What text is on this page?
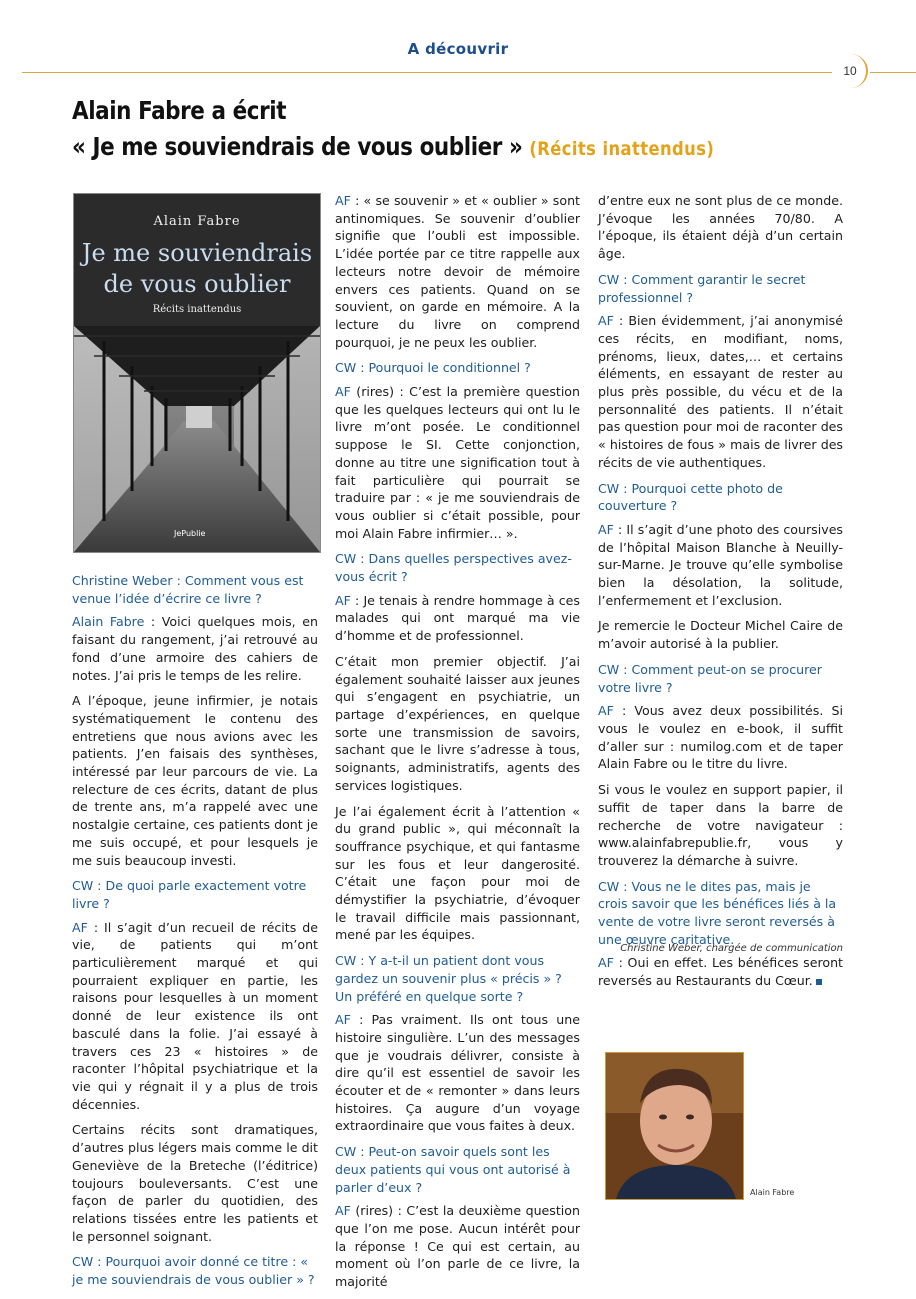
A découvrir
10
Alain Fabre a écrit
« Je me souviendrais de vous oublier » (Récits inattendus)
Alain Fabre
Je me souviendrais
de vous oublier
Récits inattendus
JePublie

Christine Weber : Comment vous est venue l’idée d’écrire ce livre ?

Alain Fabre : Voici quelques mois, en faisant du rangement, j’ai retrouvé au fond d’une armoire des cahiers de notes. J’ai pris le temps de les relire.

A l’époque, jeune infirmier, je notais systématiquement le contenu des entretiens que nous avions avec les patients. J’en faisais des synthèses, intéressé par leur parcours de vie. La relecture de ces écrits, datant de plus de trente ans, m’a rappelé avec une nostalgie certaine, ces patients dont je me suis occupé, et pour lesquels je me suis beaucoup investi.

CW : De quoi parle exactement votre livre ?

AF : Il s’agit d’un recueil de récits de vie, de patients qui m’ont particulièrement marqué et qui pourraient expliquer en partie, les raisons pour lesquelles à un moment donné de leur existence ils ont basculé dans la folie. J’ai essayé à travers ces 23 « histoires » de raconter l’hôpital psychiatrique et la vie qui y régnait il y a plus de trois décennies.

Certains récits sont dramatiques, d’autres plus légers mais comme le dit Geneviève de la Breteche (l’éditrice) toujours bouleversants. C’est une façon de parler du quotidien, des relations tissées entre les patients et le personnel soignant.

CW : Pourquoi avoir donné ce titre : « je me souviendrais de vous oublier » ?

AF : « se souvenir » et « oublier » sont antinomiques. Se souvenir d’oublier signifie que l’oubli est impossible. L’idée portée par ce titre rappelle aux lecteurs notre devoir de mémoire envers ces patients. Quand on se souvient, on garde en mémoire. A la lecture du livre on comprend pourquoi, je ne peux les oublier.

CW : Pourquoi le conditionnel ?

AF (rires) : C’est la première question que les quelques lecteurs qui ont lu le livre m’ont posée. Le conditionnel suppose le SI. Cette conjonction, donne au titre une signification tout à fait particulière qui pourrait se traduire par : « je me souviendrais de vous oublier si c’était possible, pour moi Alain Fabre infirmier… ».

CW : Dans quelles perspectives avez-vous écrit ?

AF : Je tenais à rendre hommage à ces malades qui ont marqué ma vie d’homme et de professionnel.

C’était mon premier objectif. J’ai également souhaité laisser aux jeunes qui s’engagent en psychiatrie, un partage d’expériences, en quelque sorte une transmission de savoirs, sachant que le livre s’adresse à tous, soignants, administratifs, agents des services logistiques.

Je l’ai également écrit à l’attention « du grand public », qui méconnaît la souffrance psychique, et qui fantasme sur les fous et leur dangerosité. C’était une façon pour moi de démystifier la psychiatrie, d’évoquer le travail difficile mais passionnant, mené par les équipes.

CW : Y a-t-il un patient dont vous gardez un souvenir plus « précis » ? Un préféré en quelque sorte ?

AF : Pas vraiment. Ils ont tous une histoire singulière. L’un des messages que je voudrais délivrer, consiste à dire qu’il est essentiel de savoir les écouter et de « remonter » dans leurs histoires. Ça augure d’un voyage extraordinaire que vous faites à deux.

CW : Peut-on savoir quels sont les deux patients qui vous ont autorisé à parler d’eux ?

AF (rires) : C’est la deuxième question que l’on me pose. Aucun intérêt pour la réponse ! Ce qui est certain, au moment où l’on parle de ce livre, la majorité

d’entre eux ne sont plus de ce monde. J’évoque les années 70/80. A l’époque, ils étaient déjà d’un certain âge.

CW : Comment garantir le secret professionnel ?

AF : Bien évidemment, j’ai anonymisé ces récits, en modifiant, noms, prénoms, lieux, dates,… et certains éléments, en essayant de rester au plus près possible, du vécu et de la personnalité des patients. Il n’était pas question pour moi de raconter des « histoires de fous » mais de livrer des récits de vie authentiques.

CW : Pourquoi cette photo de couverture ?

AF : Il s’agit d’une photo des coursives de l’hôpital Maison Blanche à Neuilly-sur-Marne. Je trouve qu’elle symbolise bien la désolation, la solitude, l’enfermement et l’exclusion.

Je remercie le Docteur Michel Caire de m’avoir autorisé à la publier.

CW : Comment peut-on se procurer votre livre ?

AF : Vous avez deux possibilités. Si vous le voulez en e-book, il suffit d’aller sur : numilog.com et de taper Alain Fabre ou le titre du livre.

Si vous le voulez en support papier, il suffit de taper dans la barre de recherche de votre navigateur : www.alainfabrepublie.fr, vous y trouverez la démarche à suivre.

CW : Vous ne le dites pas, mais je crois savoir que les bénéfices liés à la vente de votre livre seront reversés à une œuvre caritative.

AF : Oui en effet. Les bénéfices seront reversés au Restaurants du Cœur.

Christine Weber, chargée de communication
Alain Fabre
